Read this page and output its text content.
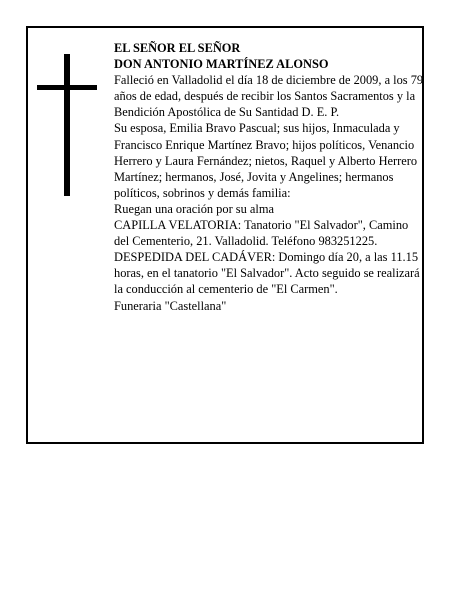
EL SEÑOR EL SEÑOR

DON ANTONIO MARTÍNEZ ALONSO

Falleció en Valladolid el día 18 de diciembre de 2009, a los 79 años de edad, después de recibir los Santos Sacramentos y la Bendición Apostólica de Su Santidad D. E. P.

Su esposa, Emilia Bravo Pascual; sus hijos, Inmaculada y Francisco Enrique Martínez Bravo; hijos políticos, Venancio Herrero y Laura Fernández; nietos, Raquel y Alberto Herrero Martínez; hermanos, José, Jovita y Angelines; hermanos políticos, sobrinos y demás familia:

Ruegan una oración por su alma

CAPILLA VELATORIA: Tanatorio "El Salvador", Camino del Cementerio, 21. Valladolid. Teléfono 983251225.

DESPEDIDA DEL CADÁVER: Domingo día 20, a las 11.15 horas, en el tanatorio "El Salvador". Acto seguido se realizará la conducción al cementerio de "El Carmen".

Funeraria "Castellana"
